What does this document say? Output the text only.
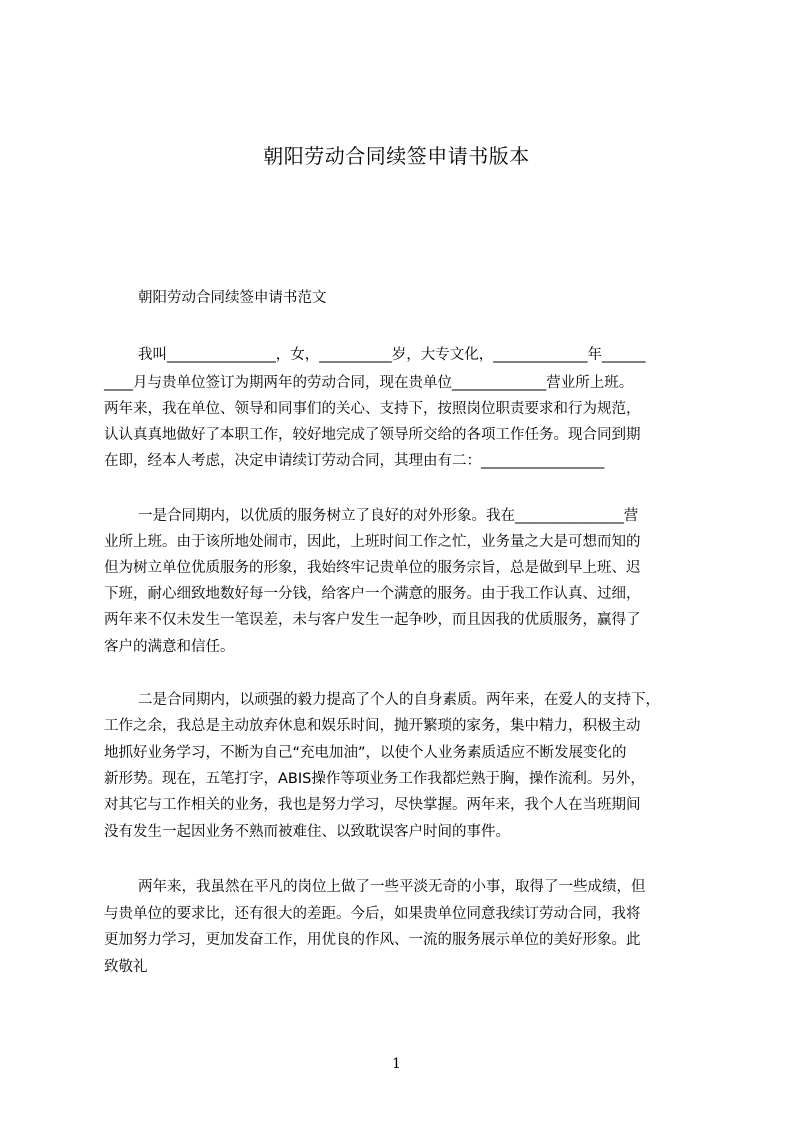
朝阳劳动合同续签申请书版本
朝阳劳动合同续签申请书范文
我叫_______________，女，__________岁，大专文化，_____________年______
____月与贵单位签订为期两年的劳动合同，现在贵单位_____________营业所上班。
两年来，我在单位、领导和同事们的关心、支持下，按照岗位职责要求和行为规范，
认认真真地做好了本职工作，较好地完成了领导所交给的各项工作任务。现合同到期
在即，经本人考虑，决定申请续订劳动合同，其理由有二：_________________
一是合同期内，以优质的服务树立了良好的对外形象。我在_______________营
业所上班。由于该所地处闹市，因此，上班时间工作之忙，业务量之大是可想而知的
但为树立单位优质服务的形象，我始终牢记贵单位的服务宗旨，总是做到早上班、迟
下班，耐心细致地数好每一分钱，给客户一个满意的服务。由于我工作认真、过细，
两年来不仅未发生一笔误差，未与客户发生一起争吵，而且因我的优质服务，赢得了
客户的满意和信任。
二是合同期内，以顽强的毅力提高了个人的自身素质。两年来，在爱人的支持下，
工作之余，我总是主动放弃休息和娱乐时间，抛开繁琐的家务，集中精力，积极主动
地抓好业务学习，不断为自己“充电加油”，以使个人业务素质适应不断发展变化的
新形势。现在，五笔打字，ABIS操作等项业务工作我都烂熟于胸，操作流利。另外，
对其它与工作相关的业务，我也是努力学习，尽快掌握。两年来，我个人在当班期间
没有发生一起因业务不熟而被难住、以致耽误客户时间的事件。
两年来，我虽然在平凡的岗位上做了一些平淡无奇的小事，取得了一些成绩，但
与贵单位的要求比，还有很大的差距。今后，如果贵单位同意我续订劳动合同，我将
更加努力学习，更加发奋工作，用优良的作风、一流的服务展示单位的美好形象。此
致敬礼
1
